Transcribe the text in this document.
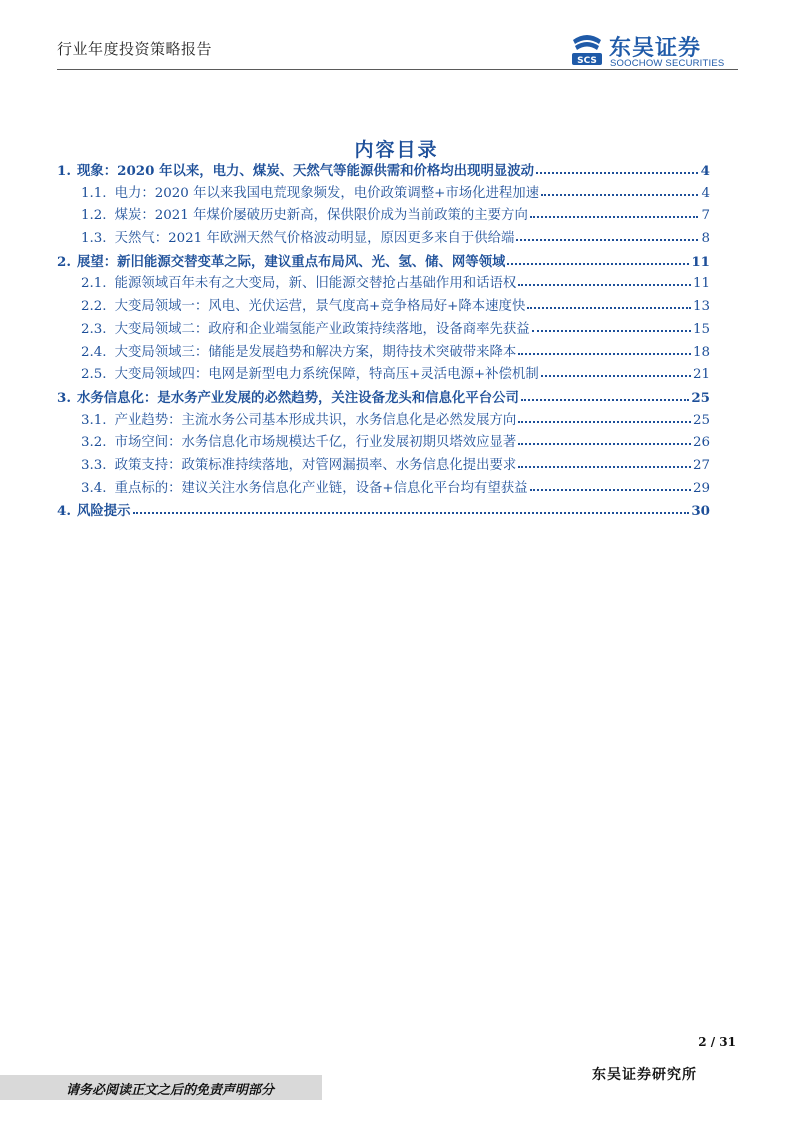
行业年度投资策略报告
SCS 东吴证券
SOOCHOW SECURITIES
内容目录
1. 现象：2020 年以来，电力、煤炭、天然气等能源供需和价格均出现明显波动	4
1.1. 电力：2020 年以来我国电荒现象频发，电价政策调整+市场化进程加速	4
1.2. 煤炭：2021 年煤价屡破历史新高，保供限价成为当前政策的主要方向	7
1.3. 天然气：2021 年欧洲天然气价格波动明显，原因更多来自于供给端	8
2. 展望：新旧能源交替变革之际，建议重点布局风、光、氢、储、网等领域	11
2.1. 能源领域百年未有之大变局，新、旧能源交替抢占基础作用和话语权	11
2.2. 大变局领域一：风电、光伏运营，景气度高+竞争格局好+降本速度快	13
2.3. 大变局领域二：政府和企业端氢能产业政策持续落地，设备商率先获益	15
2.4. 大变局领域三：储能是发展趋势和解决方案，期待技术突破带来降本	18
2.5. 大变局领域四：电网是新型电力系统保障，特高压+灵活电源+补偿机制	21
3. 水务信息化：是水务产业发展的必然趋势，关注设备龙头和信息化平台公司	25
3.1. 产业趋势：主流水务公司基本形成共识，水务信息化是必然发展方向	25
3.2. 市场空间：水务信息化市场规模达千亿，行业发展初期贝塔效应显著	26
3.3. 政策支持：政策标准持续落地，对管网漏损率、水务信息化提出要求	27
3.4. 重点标的：建议关注水务信息化产业链，设备+信息化平台均有望获益	29
4. 风险提示	30
2 / 31
请务必阅读正文之后的免责声明部分
东吴证券研究所
